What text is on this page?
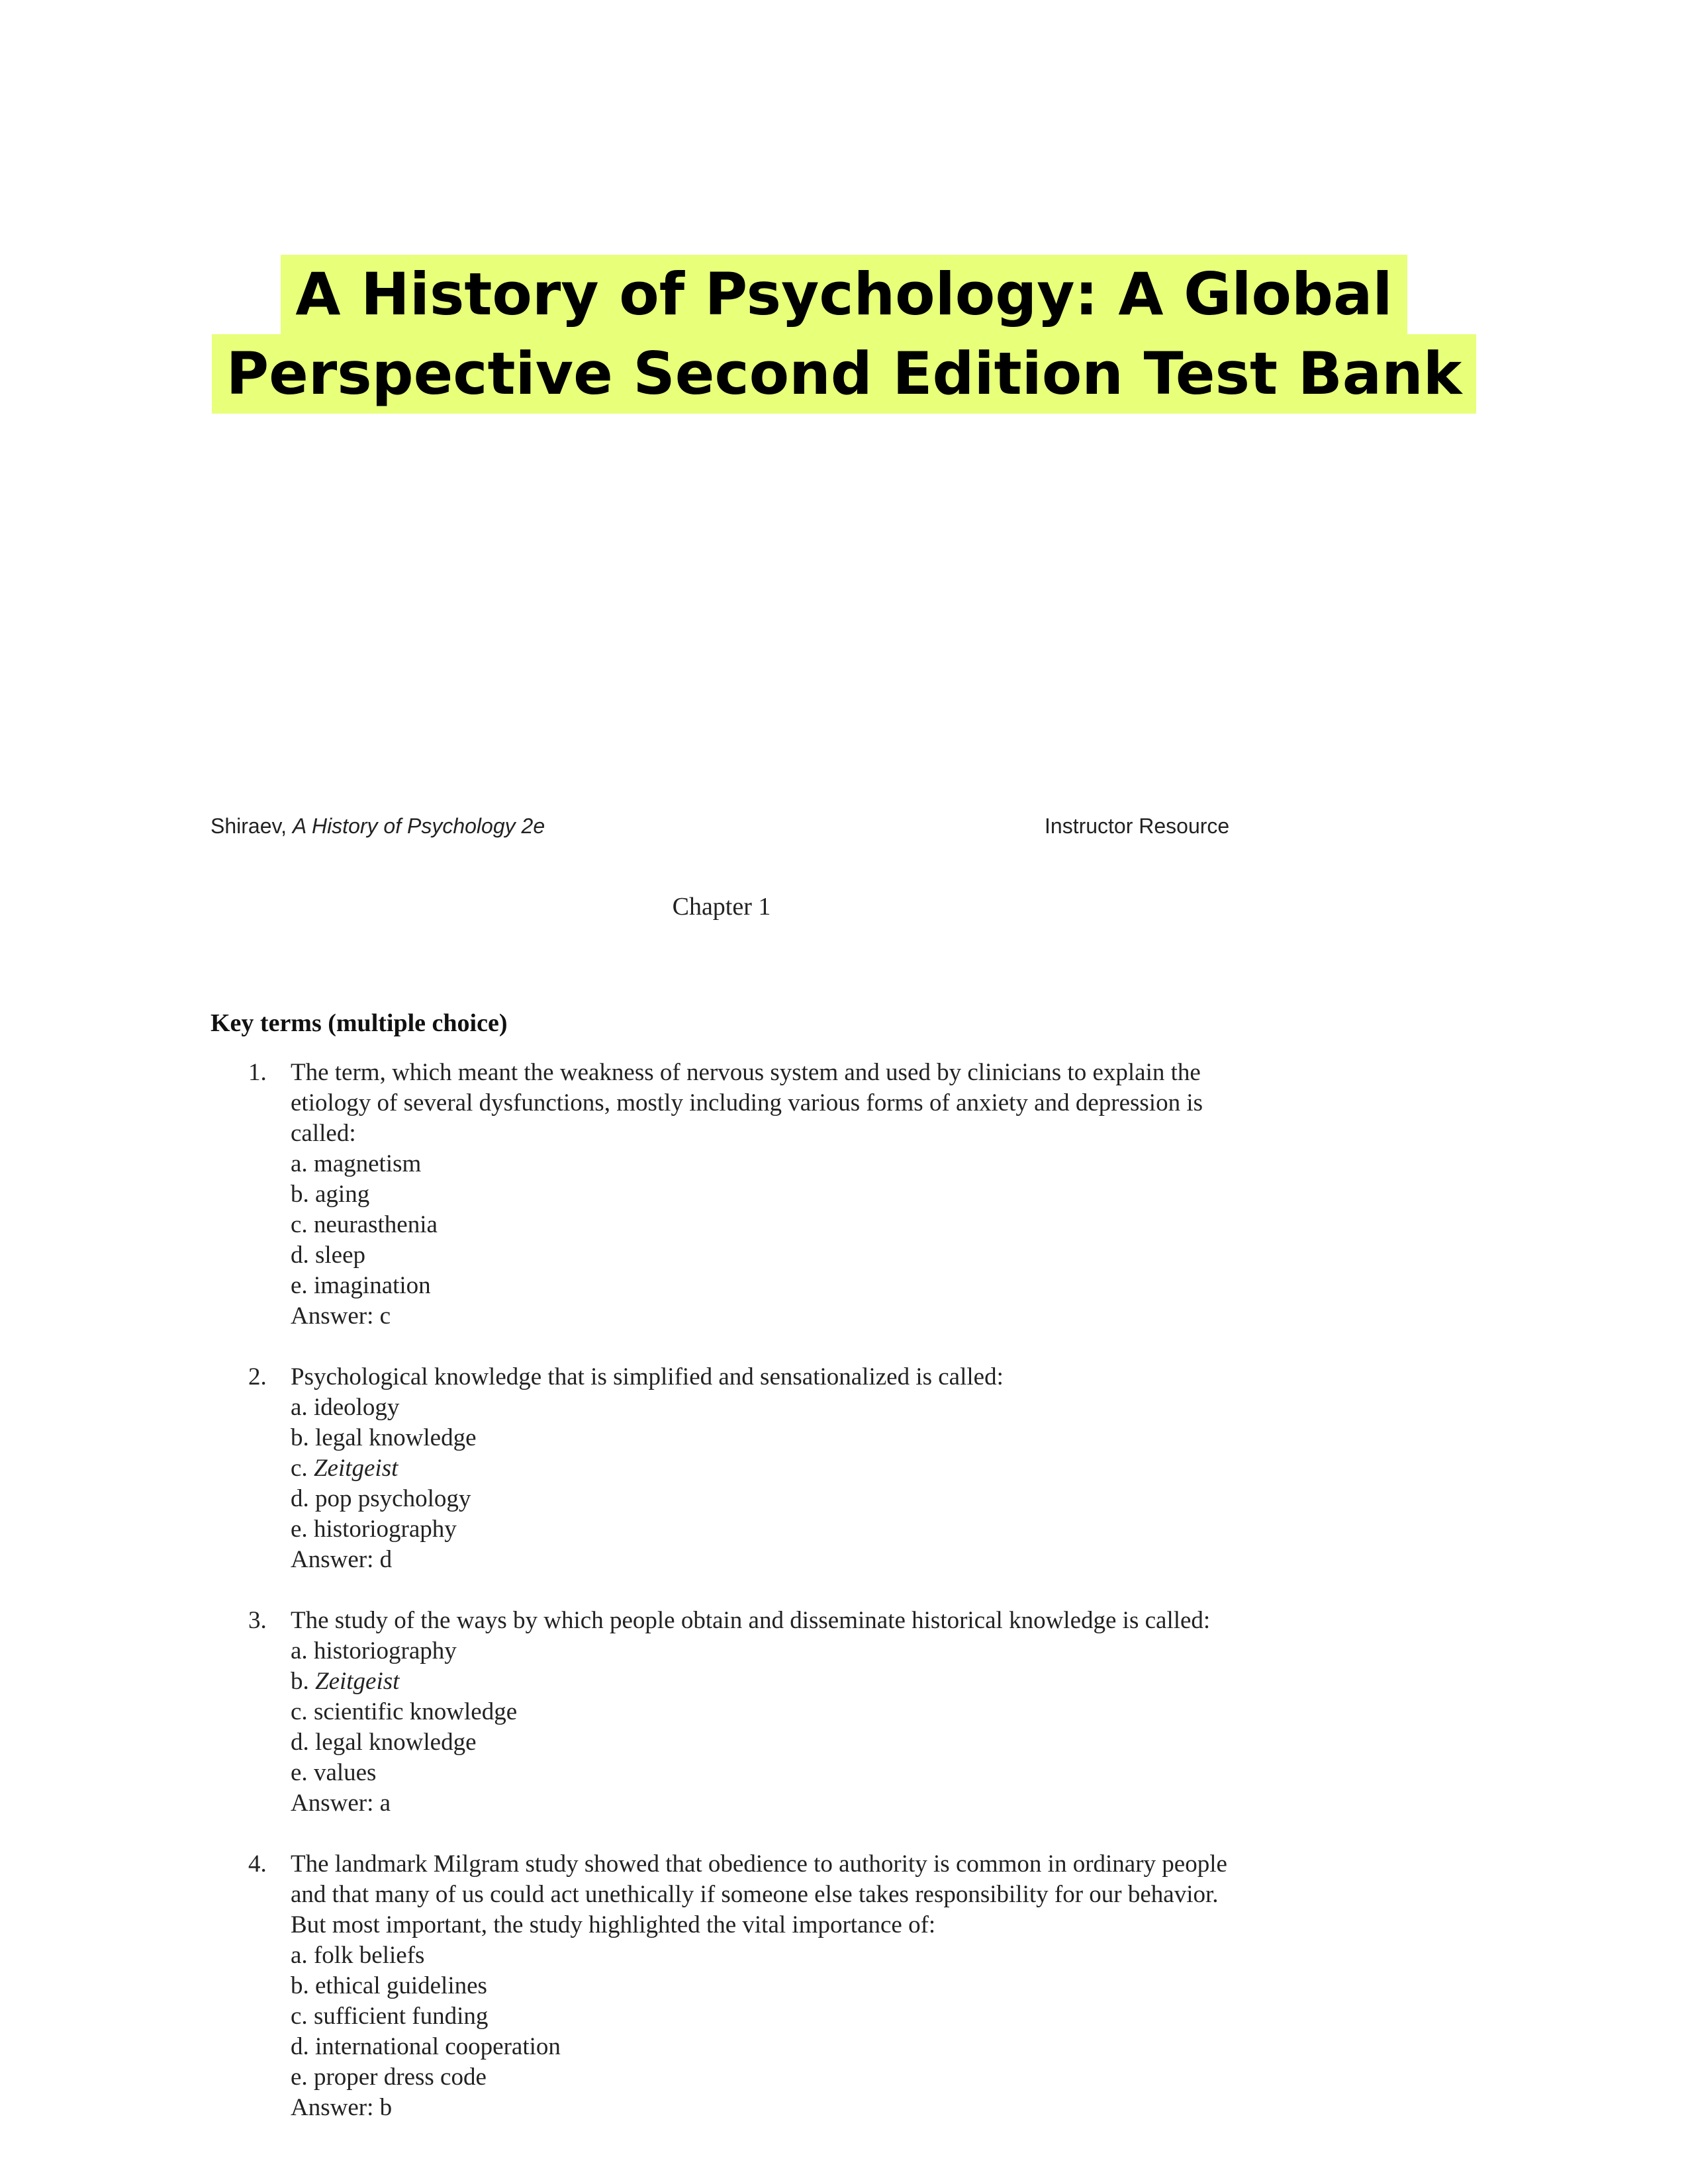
A History of Psychology: A Global
Perspective Second Edition Test Bank
Shiraev, A History of Psychology 2e	Instructor Resource
Chapter 1
Key terms (multiple choice)
1. The term, which meant the weakness of nervous system and used by clinicians to explain the etiology of several dysfunctions, mostly including various forms of anxiety and depression is called:
a. magnetism
b. aging
c. neurasthenia
d. sleep
e. imagination
Answer: c
2. Psychological knowledge that is simplified and sensationalized is called:
a. ideology
b. legal knowledge
c. Zeitgeist
d. pop psychology
e. historiography
Answer: d
3. The study of the ways by which people obtain and disseminate historical knowledge is called:
a. historiography
b. Zeitgeist
c. scientific knowledge
d. legal knowledge
e. values
Answer: a
4. The landmark Milgram study showed that obedience to authority is common in ordinary people and that many of us could act unethically if someone else takes responsibility for our behavior. But most important, the study highlighted the vital importance of:
a. folk beliefs
b. ethical guidelines
c. sufficient funding
d. international cooperation
e. proper dress code
Answer: b
